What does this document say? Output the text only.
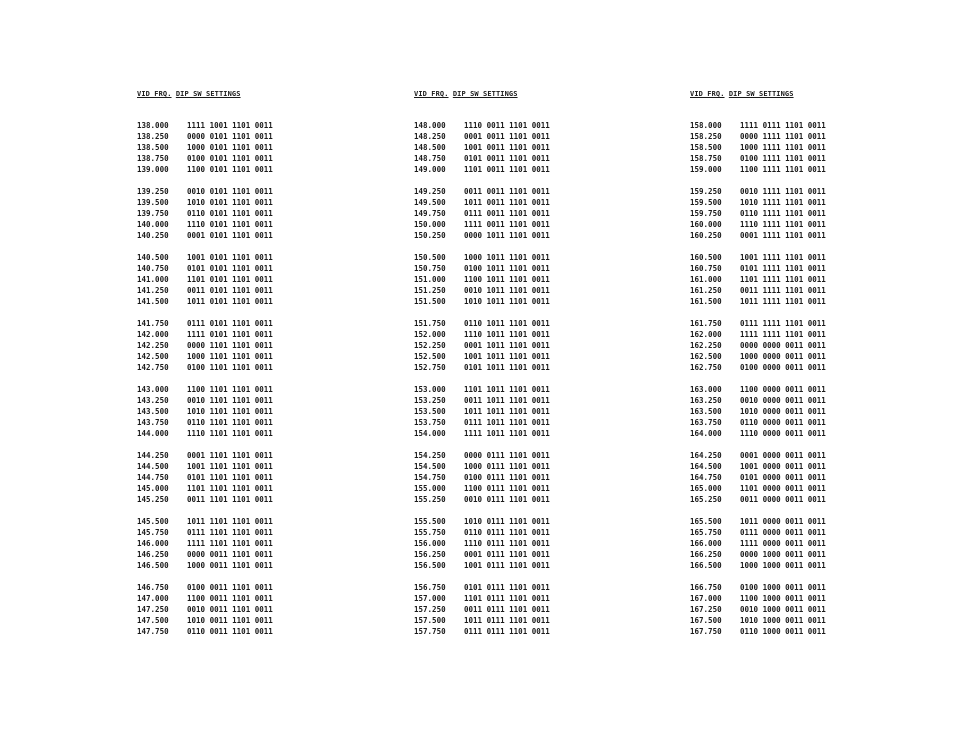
VID FRQ. DIP SW SETTINGS
138.000 1111 1001 1101 0011
138.250 0000 0101 1101 0011
138.500 1000 0101 1101 0011
138.750 0100 0101 1101 0011
139.000 1100 0101 1101 0011
139.250 0010 0101 1101 0011
139.500 1010 0101 1101 0011
139.750 0110 0101 1101 0011
140.000 1110 0101 1101 0011
140.250 0001 0101 1101 0011
140.500 1001 0101 1101 0011
140.750 0101 0101 1101 0011
141.000 1101 0101 1101 0011
141.250 0011 0101 1101 0011
141.500 1011 0101 1101 0011
141.750 0111 0101 1101 0011
142.000 1111 0101 1101 0011
142.250 0000 1101 1101 0011
142.500 1000 1101 1101 0011
142.750 0100 1101 1101 0011
143.000 1100 1101 1101 0011
143.250 0010 1101 1101 0011
143.500 1010 1101 1101 0011
143.750 0110 1101 1101 0011
144.000 1110 1101 1101 0011
144.250 0001 1101 1101 0011
144.500 1001 1101 1101 0011
144.750 0101 1101 1101 0011
145.000 1101 1101 1101 0011
145.250 0011 1101 1101 0011
145.500 1011 1101 1101 0011
145.750 0111 1101 1101 0011
146.000 1111 1101 1101 0011
146.250 0000 0011 1101 0011
146.500 1000 0011 1101 0011
146.750 0100 0011 1101 0011
147.000 1100 0011 1101 0011
147.250 0010 0011 1101 0011
147.500 1010 0011 1101 0011
147.750 0110 0011 1101 0011
VID FRQ. DIP SW SETTINGS
148.000 1110 0011 1101 0011
148.250 0001 0011 1101 0011
148.500 1001 0011 1101 0011
148.750 0101 0011 1101 0011
149.000 1101 0011 1101 0011
149.250 0011 0011 1101 0011
149.500 1011 0011 1101 0011
149.750 0111 0011 1101 0011
150.000 1111 0011 1101 0011
150.250 0000 1011 1101 0011
150.500 1000 1011 1101 0011
150.750 0100 1011 1101 0011
151.000 1100 1011 1101 0011
151.250 0010 1011 1101 0011
151.500 1010 1011 1101 0011
151.750 0110 1011 1101 0011
152.000 1110 1011 1101 0011
152.250 0001 1011 1101 0011
152.500 1001 1011 1101 0011
152.750 0101 1011 1101 0011
153.000 1101 1011 1101 0011
153.250 0011 1011 1101 0011
153.500 1011 1011 1101 0011
153.750 0111 1011 1101 0011
154.000 1111 1011 1101 0011
154.250 0000 0111 1101 0011
154.500 1000 0111 1101 0011
154.750 0100 0111 1101 0011
155.000 1100 0111 1101 0011
155.250 0010 0111 1101 0011
155.500 1010 0111 1101 0011
155.750 0110 0111 1101 0011
156.000 1110 0111 1101 0011
156.250 0001 0111 1101 0011
156.500 1001 0111 1101 0011
156.750 0101 0111 1101 0011
157.000 1101 0111 1101 0011
157.250 0011 0111 1101 0011
157.500 1011 0111 1101 0011
157.750 0111 0111 1101 0011
VID FRQ. DIP SW SETTINGS
158.000 1111 0111 1101 0011
158.250 0000 1111 1101 0011
158.500 1000 1111 1101 0011
158.750 0100 1111 1101 0011
159.000 1100 1111 1101 0011
159.250 0010 1111 1101 0011
159.500 1010 1111 1101 0011
159.750 0110 1111 1101 0011
160.000 1110 1111 1101 0011
160.250 0001 1111 1101 0011
160.500 1001 1111 1101 0011
160.750 0101 1111 1101 0011
161.000 1101 1111 1101 0011
161.250 0011 1111 1101 0011
161.500 1011 1111 1101 0011
161.750 0111 1111 1101 0011
162.000 1111 1111 1101 0011
162.250 0000 0000 0011 0011
162.500 1000 0000 0011 0011
162.750 0100 0000 0011 0011
163.000 1100 0000 0011 0011
163.250 0010 0000 0011 0011
163.500 1010 0000 0011 0011
163.750 0110 0000 0011 0011
164.000 1110 0000 0011 0011
164.250 0001 0000 0011 0011
164.500 1001 0000 0011 0011
164.750 0101 0000 0011 0011
165.000 1101 0000 0011 0011
165.250 0011 0000 0011 0011
165.500 1011 0000 0011 0011
165.750 0111 0000 0011 0011
166.000 1111 0000 0011 0011
166.250 0000 1000 0011 0011
166.500 1000 1000 0011 0011
166.750 0100 1000 0011 0011
167.000 1100 1000 0011 0011
167.250 0010 1000 0011 0011
167.500 1010 1000 0011 0011
167.750 0110 1000 0011 0011
